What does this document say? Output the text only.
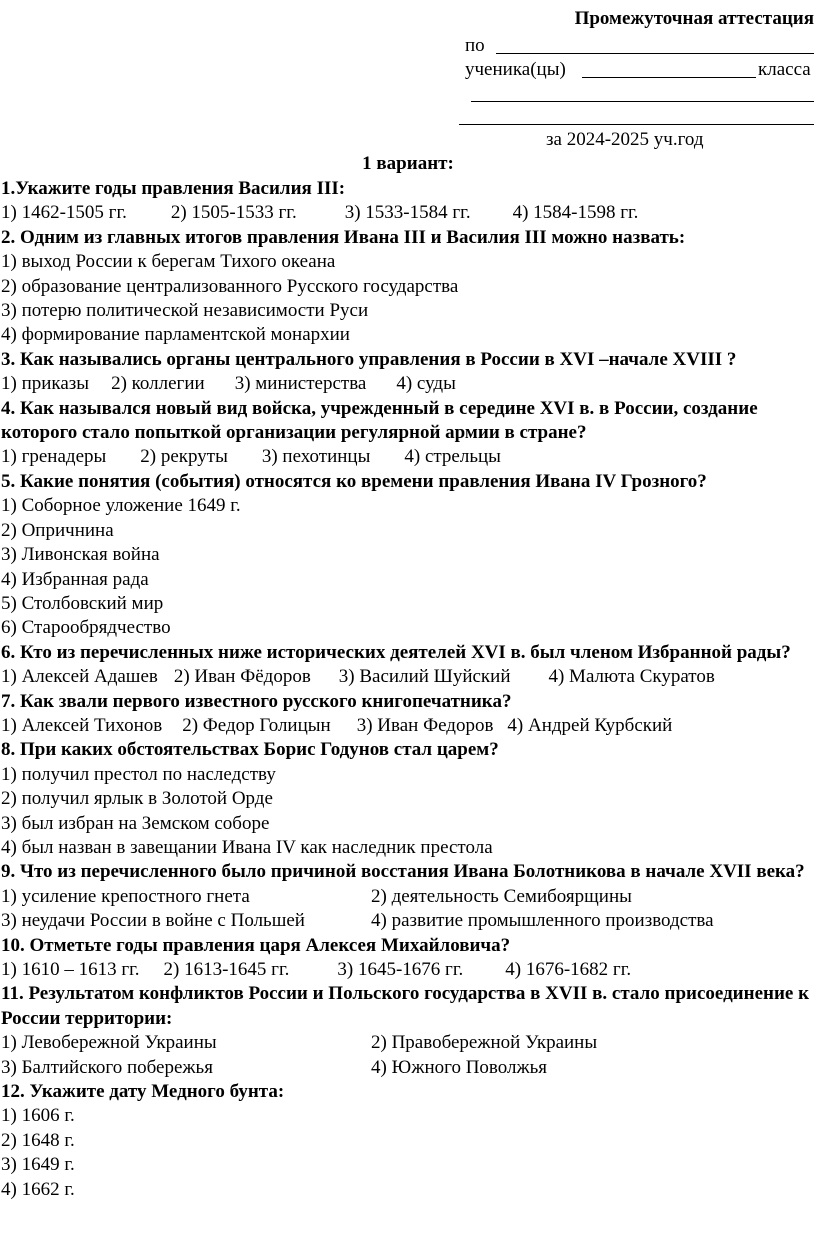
Промежуточная аттестация
по
ученика(цы)	класса
за 2024-2025 уч.год
1 вариант:
1.Укажите годы правления Василия III:
1) 1462-1505 гг. 2) 1505-1533 гг.	3) 1533-1584 гг. 4) 1584-1598 гг.
2. Одним из главных итогов правления Ивана III и Василия III можно назвать:
1) выход России к берегам Тихого океана
2) образование централизованного Русского государства
3) потерю политической независимости Руси
4) формирование парламентской монархии
3. Как назывались органы центрального управления в России в XVI –начале XVIII ?
1) приказы 2) коллегии 3) министерства 4) суды
4. Как назывался новый вид войска, учрежденный в середине XVI в. в России, создание которого стало попыткой организации регулярной армии в стране?
1) гренадеры 2) рекруты 3) пехотинцы 4) стрельцы
5. Какие понятия (события) относятся ко времени правления Ивана IV Грозного?
1) Соборное уложение 1649 г.
2) Опричнина
3) Ливонская война
4) Избранная рада
5) Столбовский мир
6) Старообрядчество
6. Кто из перечисленных ниже исторических деятелей XVI в. был членом Избранной рады?
1) Алексей Адашев 2) Иван Фёдоров 3) Василий Шуйский 4) Малюта Скуратов
7. Как звали первого известного русского книгопечатника?
1) Алексей Тихонов 2) Федор Голицын 3) Иван Федоров 4) Андрей Курбский
8. При каких обстоятельствах Борис Годунов стал царем?
1) получил престол по наследству
2) получил ярлык в Золотой Орде
3) был избран на Земском соборе
4) был назван в завещании Ивана IV как наследник престола
9. Что из перечисленного было причиной восстания Ивана Болотникова в начале XVII века?
1) усиление крепостного гнета	2) деятельность Семибоярщины
3) неудачи России в войне с Польшей	4) развитие промышленного производства
10. Отметьте годы правления царя Алексея Михайловича?
1) 1610 – 1613 гг. 2) 1613-1645 гг.	3) 1645-1676 гг. 4) 1676-1682 гг.
11. Результатом конфликтов России и Польского государства в XVII в. стало присоединение к России территории:
1) Левобережной Украины	2) Правобережной Украины
3) Балтийского побережья	4) Южного Поволжья
12. Укажите дату Медного бунта:
1) 1606 г.
2) 1648 г.
3) 1649 г.
4) 1662 г.
